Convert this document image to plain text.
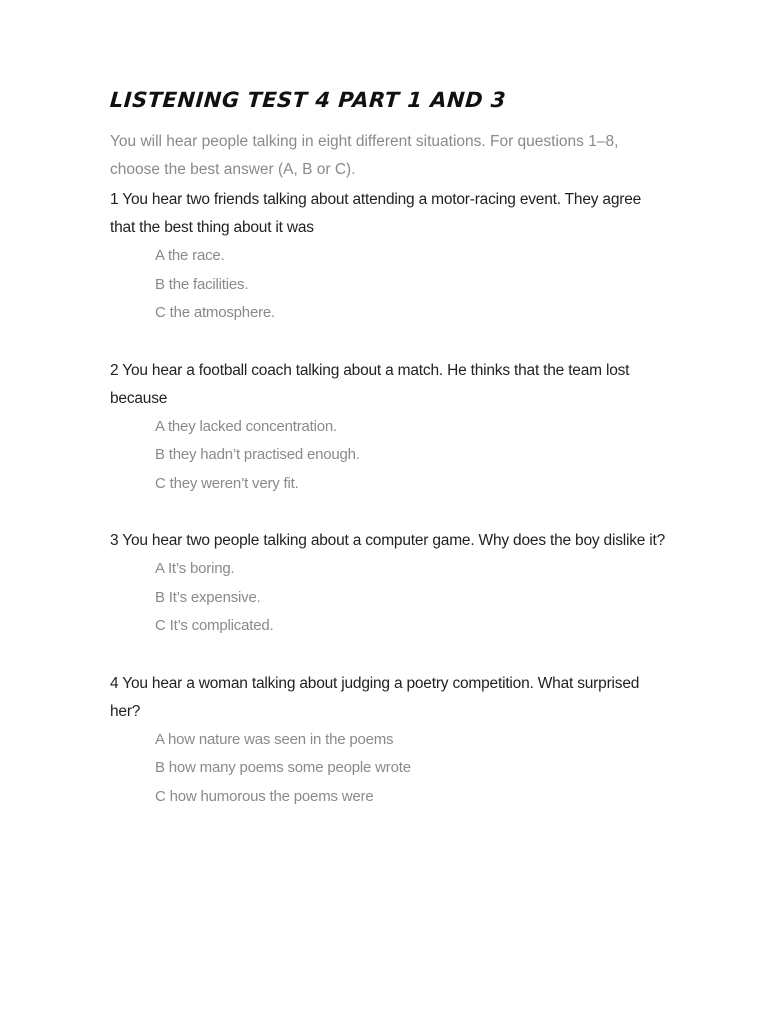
LISTENING TEST 4 PART 1 AND 3

You will hear people talking in eight different situations. For questions 1–8, choose the best answer (A, B or C).

1 You hear two friends talking about attending a motor-racing event. They agree that the best thing about it was

A the race.
B the facilities.
C the atmosphere.

2 You hear a football coach talking about a match. He thinks that the team lost because

A they lacked concentration.
B they hadn’t practised enough.
C they weren’t very fit.

3 You hear two people talking about a computer game. Why does the boy dislike it?

A It’s boring.
B It’s expensive.
C It’s complicated.

4 You hear a woman talking about judging a poetry competition. What surprised her?

A how nature was seen in the poems
B how many poems some people wrote
C how humorous the poems were
